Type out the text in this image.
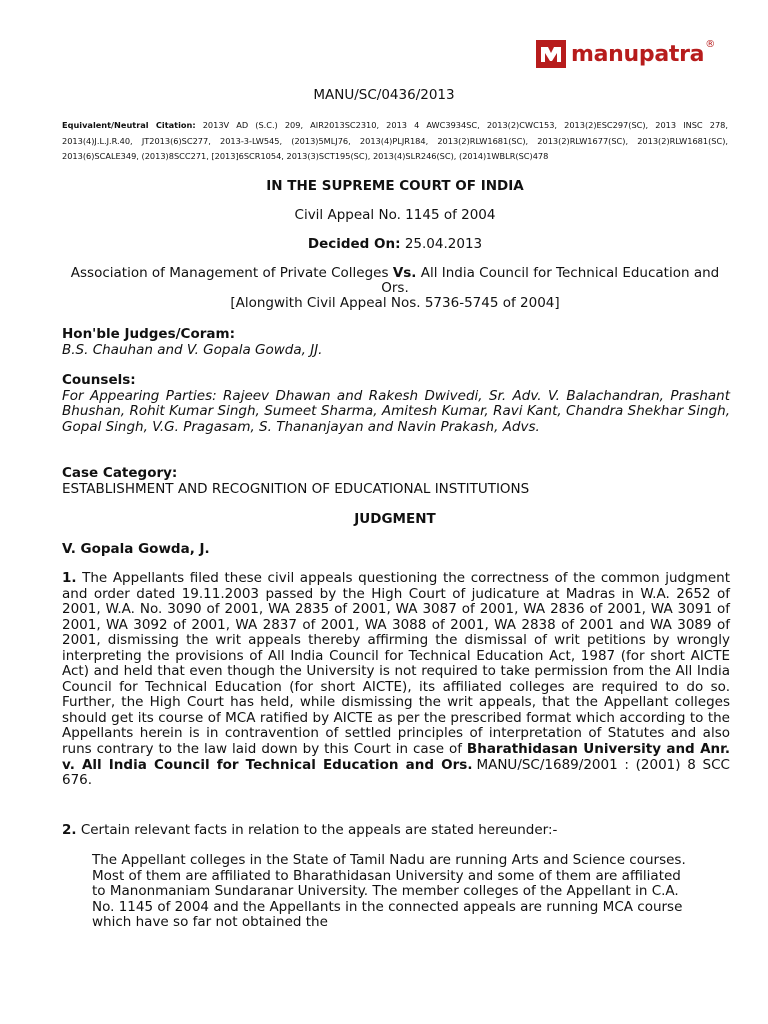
manupatra ®
MANU/SC/0436/2013
Equivalent/Neutral Citation: 2013V AD (S.C.) 209, AIR2013SC2310, 2013 4 AWC3934SC, 2013(2)CWC153, 2013(2)ESC297(SC), 2013 INSC 278, 2013(4)J.L.J.R.40, JT2013(6)SC277, 2013-3-LW545, (2013)5MLJ76, 2013(4)PLJR184, 2013(2)RLW1681(SC), 2013(2)RLW1677(SC), 2013(2)RLW1681(SC), 2013(6)SCALE349, (2013)8SCC271, [2013]6SCR1054, 2013(3)SCT195(SC), 2013(4)SLR246(SC), (2014)1WBLR(SC)478
IN THE SUPREME COURT OF INDIA
Civil Appeal No. 1145 of 2004
Decided On: 25.04.2013
Association of Management of Private Colleges Vs. All India Council for Technical Education and Ors.
[Alongwith Civil Appeal Nos. 5736-5745 of 2004]
Hon'ble Judges/Coram:
B.S. Chauhan and V. Gopala Gowda, JJ.
Counsels:
For Appearing Parties: Rajeev Dhawan and Rakesh Dwivedi, Sr. Adv. V. Balachandran, Prashant Bhushan, Rohit Kumar Singh, Sumeet Sharma, Amitesh Kumar, Ravi Kant, Chandra Shekhar Singh, Gopal Singh, V.G. Pragasam, S. Thananjayan and Navin Prakash, Advs.
Case Category:
ESTABLISHMENT AND RECOGNITION OF EDUCATIONAL INSTITUTIONS
JUDGMENT
V. Gopala Gowda, J.
1. The Appellants filed these civil appeals questioning the correctness of the common judgment and order dated 19.11.2003 passed by the High Court of judicature at Madras in W.A. 2652 of 2001, W.A. No. 3090 of 2001, WA 2835 of 2001, WA 3087 of 2001, WA 2836 of 2001, WA 3091 of 2001, WA 3092 of 2001, WA 2837 of 2001, WA 3088 of 2001, WA 2838 of 2001 and WA 3089 of 2001, dismissing the writ appeals thereby affirming the dismissal of writ petitions by wrongly interpreting the provisions of All India Council for Technical Education Act, 1987 (for short AICTE Act) and held that even though the University is not required to take permission from the All India Council for Technical Education (for short AICTE), its affiliated colleges are required to do so. Further, the High Court has held, while dismissing the writ appeals, that the Appellant colleges should get its course of MCA ratified by AICTE as per the prescribed format which according to the Appellants herein is in contravention of settled principles of interpretation of Statutes and also runs contrary to the law laid down by this Court in case of Bharathidasan University and Anr. v. All India Council for Technical Education and Ors. MANU/SC/1689/2001 : (2001) 8 SCC 676.
2. Certain relevant facts in relation to the appeals are stated hereunder:-
The Appellant colleges in the State of Tamil Nadu are running Arts and Science courses. Most of them are affiliated to Bharathidasan University and some of them are affiliated to Manonmaniam Sundaranar University. The member colleges of the Appellant in C.A. No. 1145 of 2004 and the Appellants in the connected appeals are running MCA course which have so far not obtained the
